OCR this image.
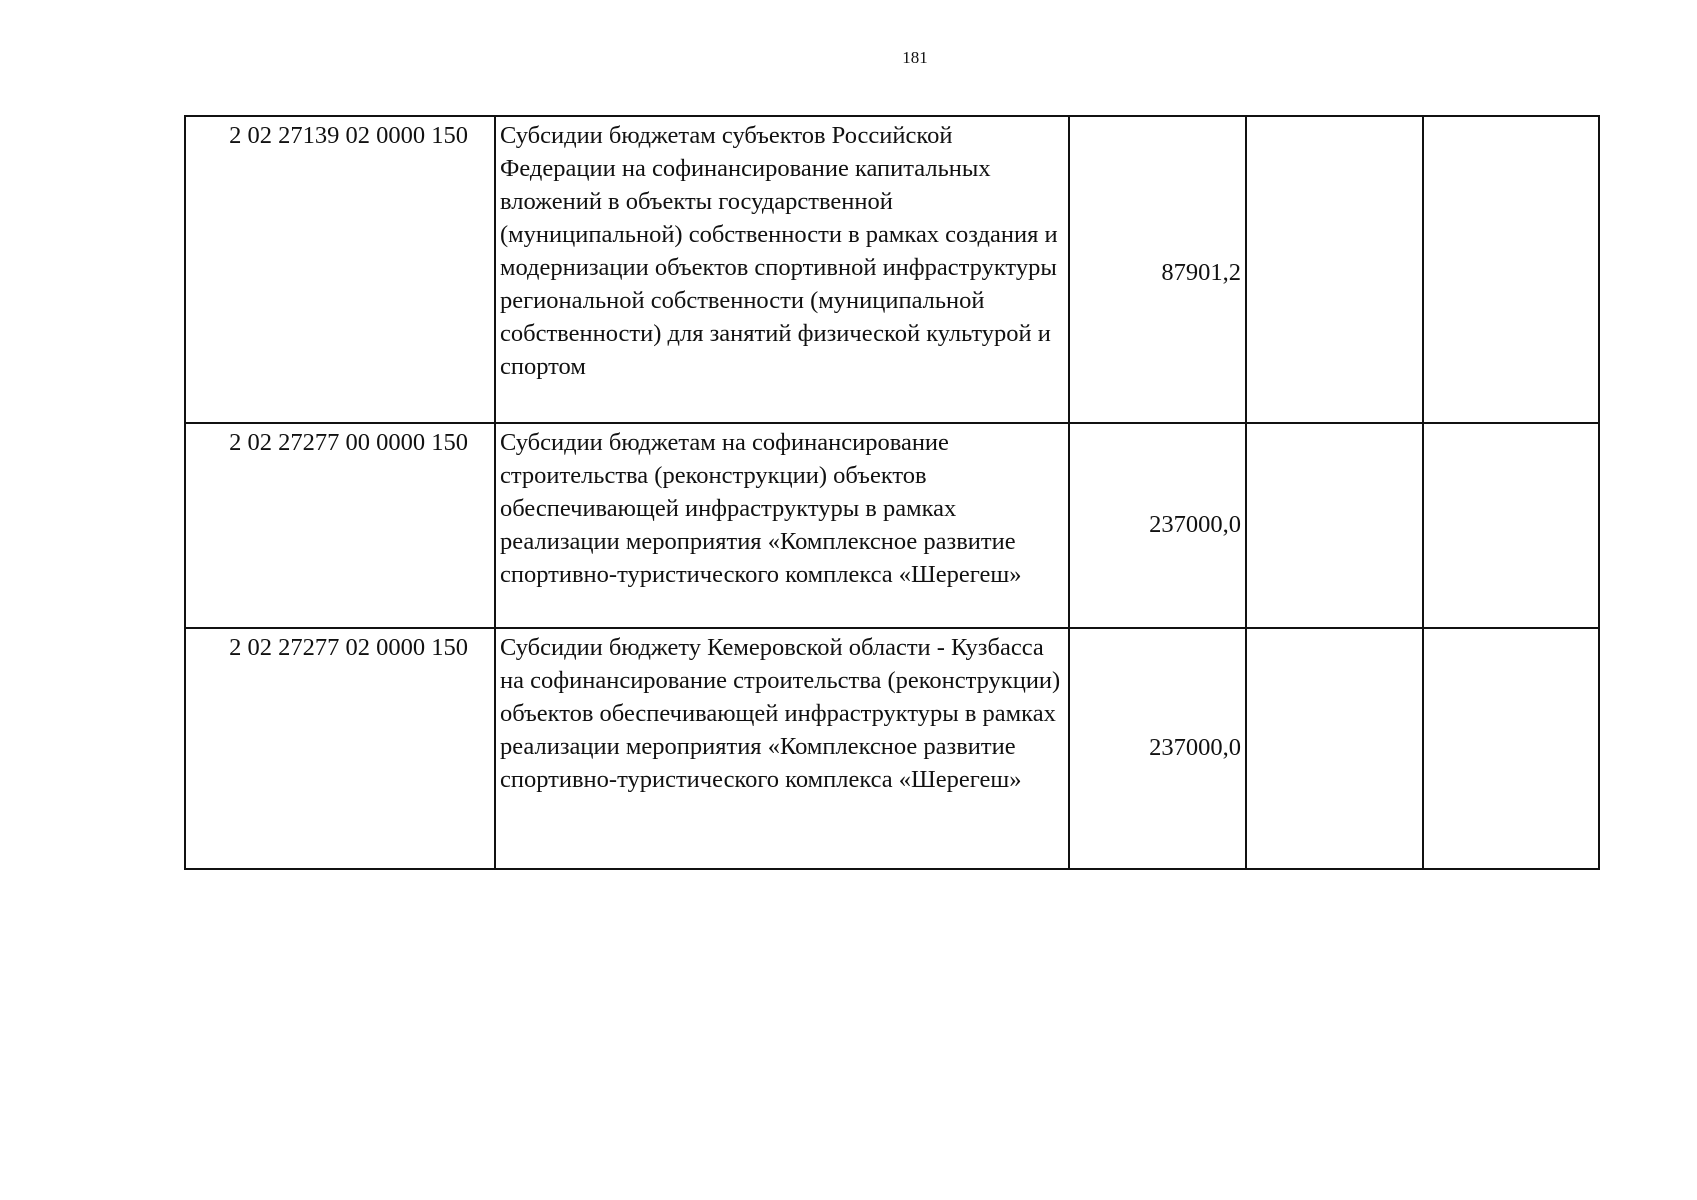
181
2 02 27139 02 0000 150	Субсидии бюджетам субъектов Российской Федерации на софинансирование капитальных вложений в объекты государственной (муниципальной) собственности в рамках создания и модернизации объектов спортивной инфраструктуры региональной собственности (муниципальной собственности) для занятий физической культурой и спортом	87901,2		
2 02 27277 00 0000 150	Субсидии бюджетам на софинансирование строительства (реконструкции) объектов обеспечивающей инфраструктуры в рамках реализации мероприятия «Комплексное развитие спортивно-туристического комплекса «Шерегеш»	237000,0		
2 02 27277 02 0000 150	Субсидии бюджету Кемеровской области - Кузбасса на софинансирование строительства (реконструкции) объектов обеспечивающей инфраструктуры в рамках реализации мероприятия «Комплексное развитие спортивно-туристического комплекса «Шерегеш»	237000,0		
